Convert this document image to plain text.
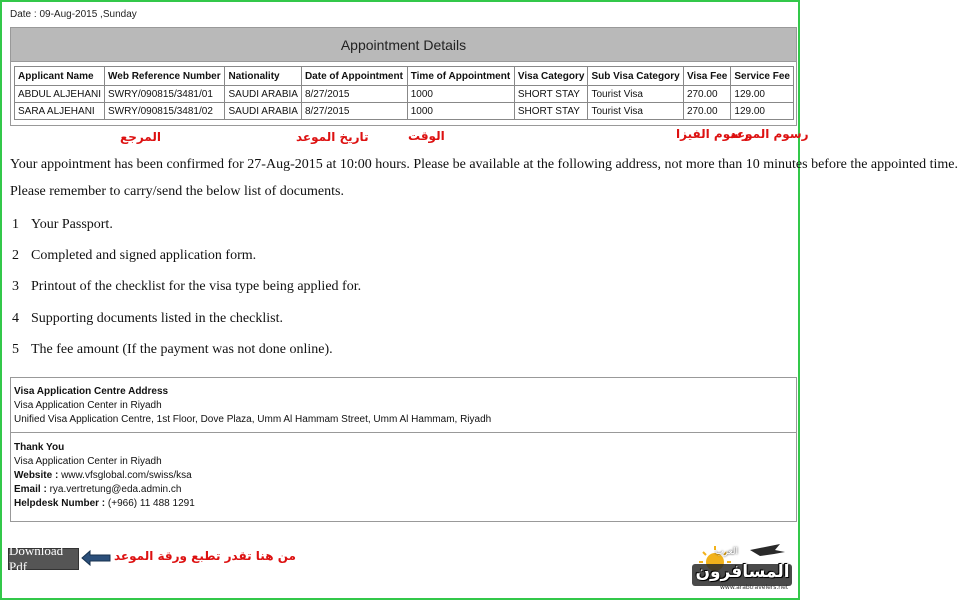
Date : 09-Aug-2015 ,Sunday
Appointment Details
Applicant Name	Web Reference Number	Nationality	Date of Appointment	Time of Appointment	Visa Category	Sub Visa Category	Visa Fee	Service Fee
ABDUL ALJEHANI	SWRY/090815/3481/01	SAUDI ARABIA	8/27/2015	1000	SHORT STAY	Tourist Visa	270.00	129.00
SARA ALJEHANI	SWRY/090815/3481/02	SAUDI ARABIA	8/27/2015	1000	SHORT STAY	Tourist Visa	270.00	129.00
المرجع	تاريخ الموعد	الوقت	رسوم الفيزا
رسوم الموعد
Your appointment has been confirmed for 27-Aug-2015 at 10:00 hours. Please be available at the following address, not more than 10 minutes before the appointed time.
Please remember to carry/send the below list of documents.
1 Your Passport.
2 Completed and signed application form.
3 Printout of the checklist for the visa type being applied for.
4 Supporting documents listed in the checklist.
5 The fee amount (If the payment was not done online).
Visa Application Centre Address
Visa Application Center in Riyadh
Unified Visa Application Centre, 1st Floor, Dove Plaza, Umm Al Hammam Street, Umm Al Hammam, Riyadh
Thank You
Visa Application Center in Riyadh
Website : www.vfsglobal.com/swiss/ksa
Email : rya.vertretung@eda.admin.ch
Helpdesk Number : (+966) 11 488 1291
Download Pdf
من هنا تقدر تطبع ورقة الموعد	العرب
المسافرون
www.arabtravelers.net
